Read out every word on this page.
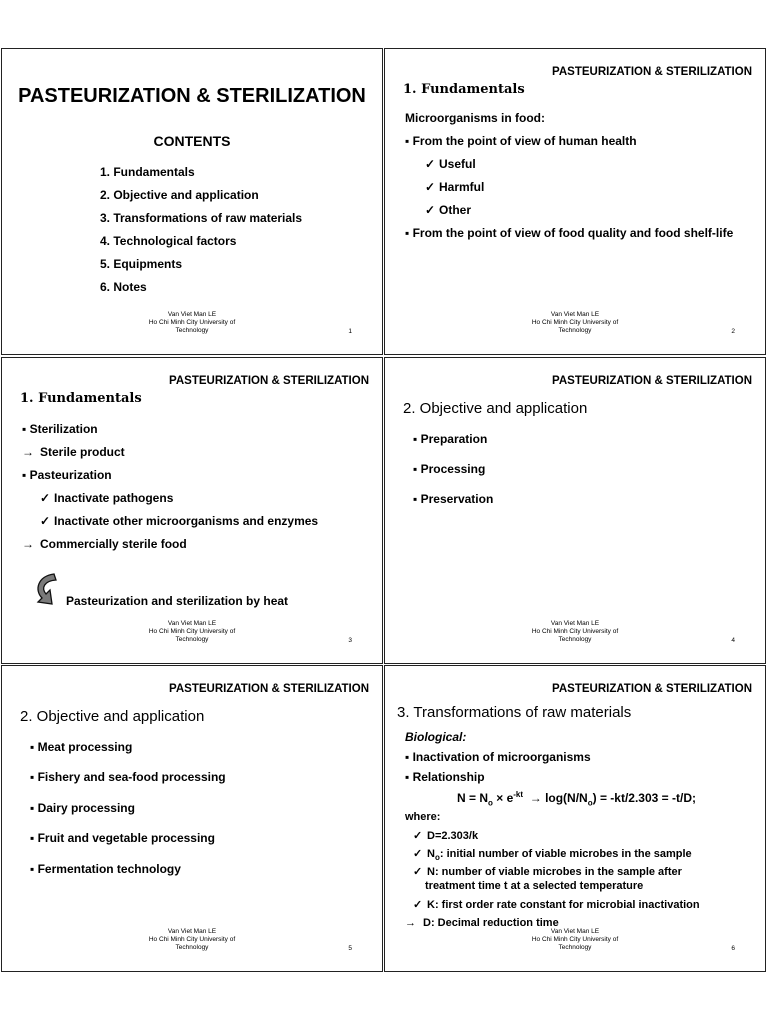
PASTEURIZATION & STERILIZATION
CONTENTS
1. Fundamentals
2. Objective and application
3. Transformations of raw materials
4. Technological factors
5. Equipments
6. Notes
Van Viet Man LE
Ho Chi Minh City University of
Technology	1
PASTEURIZATION & STERILIZATION
1. Fundamentals
Microorganisms in food:
▪ From the point of view of human health
✓ Useful
✓ Harmful
✓ Other
▪ From the point of view of food quality and food shelf-life
Van Viet Man LE
Ho Chi Minh City University of
Technology	2
PASTEURIZATION & STERILIZATION
1. Fundamentals
▪ Sterilization
→ Sterile product
▪ Pasteurization
✓ Inactivate pathogens
✓ Inactivate other microorganisms and enzymes
→ Commercially sterile food
Pasteurization and sterilization by heat
Van Viet Man LE
Ho Chi Minh City University of
Technology	3
PASTEURIZATION & STERILIZATION
2. Objective and application
▪ Preparation
▪ Processing
▪ Preservation
Van Viet Man LE
Ho Chi Minh City University of
Technology	4
PASTEURIZATION & STERILIZATION
2. Objective and application
▪ Meat processing
▪ Fishery and sea-food processing
▪ Dairy processing
▪ Fruit and vegetable processing
▪ Fermentation technology
Van Viet Man LE
Ho Chi Minh City University of
Technology	5
PASTEURIZATION & STERILIZATION
3. Transformations of raw materials
Biological:
▪ Inactivation of microorganisms
▪ Relationship
$N = N_o \times e^{-kt} \to \log(N/N_o) = -kt/2.303 = -t/D$;
where:
✓ D=2.303/k
✓ $N_o$: initial number of viable microbes in the sample
✓ N: number of viable microbes in the sample after
treatment time t at a selected temperature
✓ K: first order rate constant for microbial inactivation
→ D: Decimal reduction time
Van Viet Man LE
Ho Chi Minh City University of
Technology	6
